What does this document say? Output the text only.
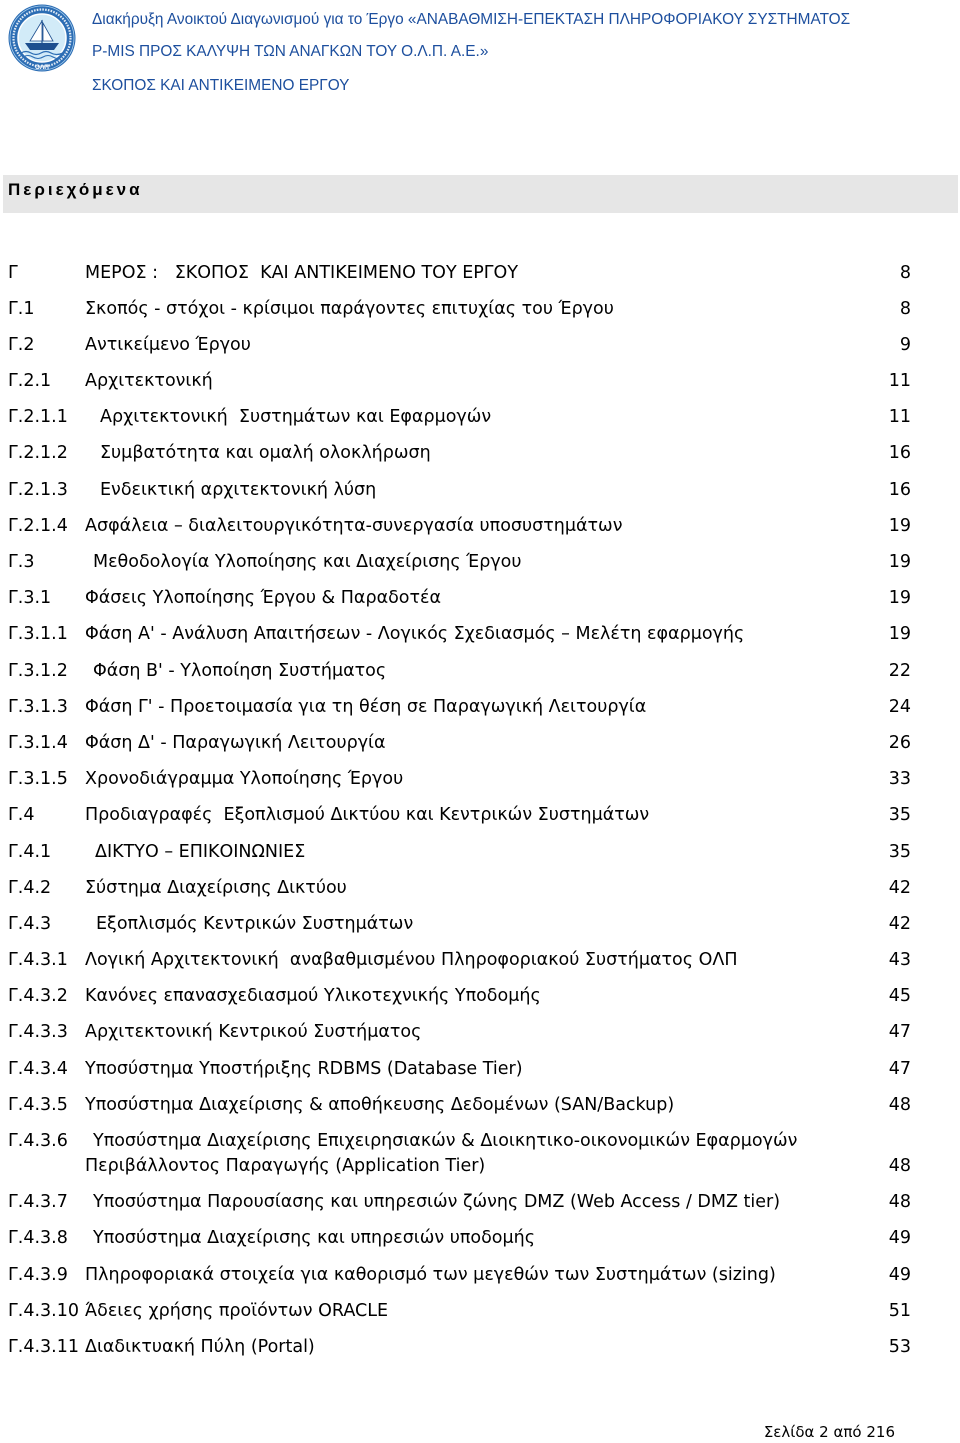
ΟΛΠ
Διακήρυξη Ανοικτού Διαγωνισμού για το Έργο «ΑΝΑΒΑΘΜΙΣΗ-ΕΠΕΚΤΑΣΗ ΠΛΗΡΟΦΟΡΙΑΚΟΥ ΣΥΣΤΗΜΑΤΟΣ
P-MIS ΠΡΟΣ ΚΑΛΥΨΗ ΤΩΝ ΑΝΑΓΚΩΝ ΤΟΥ Ο.Λ.Π. Α.Ε.»
ΣΚΟΠΟΣ ΚΑΙ ΑΝΤΙΚΕΙΜΕΝΟ ΕΡΓΟΥ
Περιεχόμενα
Γ	ΜΕΡΟΣ :   ΣΚΟΠΟΣ  ΚΑΙ ΑΝΤΙΚΕΙΜΕΝΟ ΤΟΥ ΕΡΓΟΥ	8
Γ.1	Σκοπός - στόχοι - κρίσιμοι παράγοντες επιτυχίας του Έργου	8
Γ.2	Αντικείμενο Έργου	9
Γ.2.1	Αρχιτεκτονική	11
Γ.2.1.1	Αρχιτεκτονική  Συστημάτων και Εφαρμογών	11
Γ.2.1.2	Συμβατότητα και ομαλή ολοκλήρωση	16
Γ.2.1.3	Ενδεικτική αρχιτεκτονική λύση	16
Γ.2.1.4 Ασφάλεια – διαλειτουργικότητα-συνεργασία υποσυστημάτων	19
Γ.3	Μεθοδολογία Υλοποίησης και Διαχείρισης Έργου	19
Γ.3.1	Φάσεις Υλοποίησης Έργου & Παραδοτέα	19
Γ.3.1.1 Φάση Α' - Ανάλυση Απαιτήσεων - Λογικός Σχεδιασμός – Μελέτη εφαρμογής	19
Γ.3.1.2	Φάση Β' - Υλοποίηση Συστήματος	22
Γ.3.1.3 Φάση Γ' - Προετοιμασία για τη θέση σε Παραγωγική Λειτουργία	24
Γ.3.1.4 Φάση Δ' - Παραγωγική Λειτουργία	26
Γ.3.1.5 Χρονοδιάγραμμα Υλοποίησης Έργου	33
Γ.4	Προδιαγραφές  Εξοπλισμού Δικτύου και Κεντρικών Συστημάτων	35
Γ.4.1	ΔΙΚΤΥΟ – ΕΠΙΚΟΙΝΩΝΙΕΣ	35
Γ.4.2	Σύστημα Διαχείρισης Δικτύου	42
Γ.4.3	Εξοπλισμός Κεντρικών Συστημάτων	42
Γ.4.3.1 Λογική Αρχιτεκτονική  αναβαθμισμένου Πληροφοριακού Συστήματος ΟΛΠ	43
Γ.4.3.2 Κανόνες επανασχεδιασμού Υλικοτεχνικής Υποδομής	45
Γ.4.3.3 Αρχιτεκτονική Κεντρικού Συστήματος	47
Γ.4.3.4 Υποσύστημα Υποστήριξης RDBMS (Database Tier)	47
Γ.4.3.5 Υποσύστημα Διαχείρισης & αποθήκευσης Δεδομένων (SAN/Backup)	48
Γ.4.3.6	Υποσύστημα Διαχείρισης Επιχειρησιακών & Διοικητικο-οικονομικών Εφαρμογών
Περιβάλλοντος Παραγωγής (Application Tier)	48
Γ.4.3.7	Υποσύστημα Παρουσίασης και υπηρεσιών ζώνης DMZ (Web Access / DMZ tier)	48
Γ.4.3.8	Υποσύστημα Διαχείρισης και υπηρεσιών υποδομής	49
Γ.4.3.9 Πληροφοριακά στοιχεία για καθορισμό των μεγεθών των Συστημάτων (sizing)	49
Γ.4.3.10 Άδειες χρήσης προϊόντων ORACLE	51
Γ.4.3.11 Διαδικτυακή Πύλη (Portal)	53
Σελίδα 2 από 216
